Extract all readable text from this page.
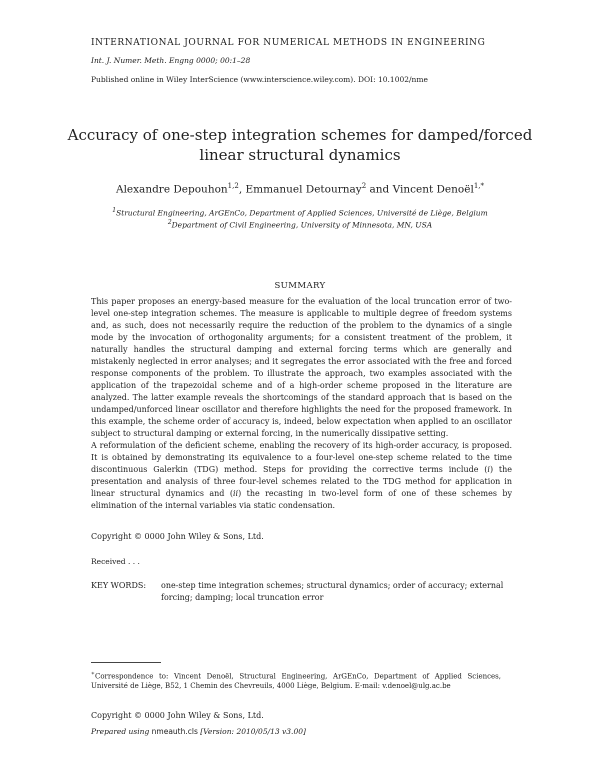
INTERNATIONAL JOURNAL FOR NUMERICAL METHODS IN ENGINEERING
Int. J. Numer. Meth. Engng 0000; 00:1–28
Published online in Wiley InterScience (www.interscience.wiley.com). DOI: 10.1002/nme
Accuracy of one-step integration schemes for damped/forced
linear structural dynamics
Alexandre Depouhon$^{1,2}$, Emmanuel Detournay$^2$ and Vincent Denoël$^{1,*}$
$^1$Structural Engineering, ArGEnCo, Department of Applied Sciences, Université de Liège, Belgium
$^2$Department of Civil Engineering, University of Minnesota, MN, USA
SUMMARY

This paper proposes an energy-based measure for the evaluation of the local truncation error of two-level one-step integration schemes. The measure is applicable to multiple degree of freedom systems and, as such, does not necessarily require the reduction of the problem to the dynamics of a single mode by the invocation of orthogonality arguments; for a consistent treatment of the problem, it naturally handles the structural damping and external forcing terms which are generally and mistakenly neglected in error analyses; and it segregates the error associated with the free and forced response components of the problem. To illustrate the approach, two examples associated with the application of the trapezoidal scheme and of a high-order scheme proposed in the literature are analyzed. The latter example reveals the shortcomings of the standard approach that is based on the undamped/unforced linear oscillator and therefore highlights the need for the proposed framework. In this example, the scheme order of accuracy is, indeed, below expectation when applied to an oscillator subject to structural damping or external forcing, in the numerically dissipative setting.

A reformulation of the deficient scheme, enabling the recovery of its high-order accuracy, is proposed. It is obtained by demonstrating its equivalence to a four-level one-step scheme related to the time discontinuous Galerkin (TDG) method. Steps for providing the corrective terms include (i) the presentation and analysis of three four-level schemes related to the TDG method for application in linear structural dynamics and (ii) the recasting in two-level form of one of these schemes by elimination of the internal variables via static condensation.

Copyright © 0000 John Wiley & Sons, Ltd.
Received . . .
KEY WORDS: one-step time integration schemes; structural dynamics; order of accuracy; external forcing; damping; local truncation error
∗Correspondence to: Vincent Denoël, Structural Engineering, ArGEnCo, Department of Applied Sciences, Université de Liège, B52, 1 Chemin des Chevreuils, 4000 Liège, Belgium. E-mail: v.denoel@ulg.ac.be
Copyright © 0000 John Wiley & Sons, Ltd.
Prepared using nmeauth.cls [Version: 2010/05/13 v3.00]
